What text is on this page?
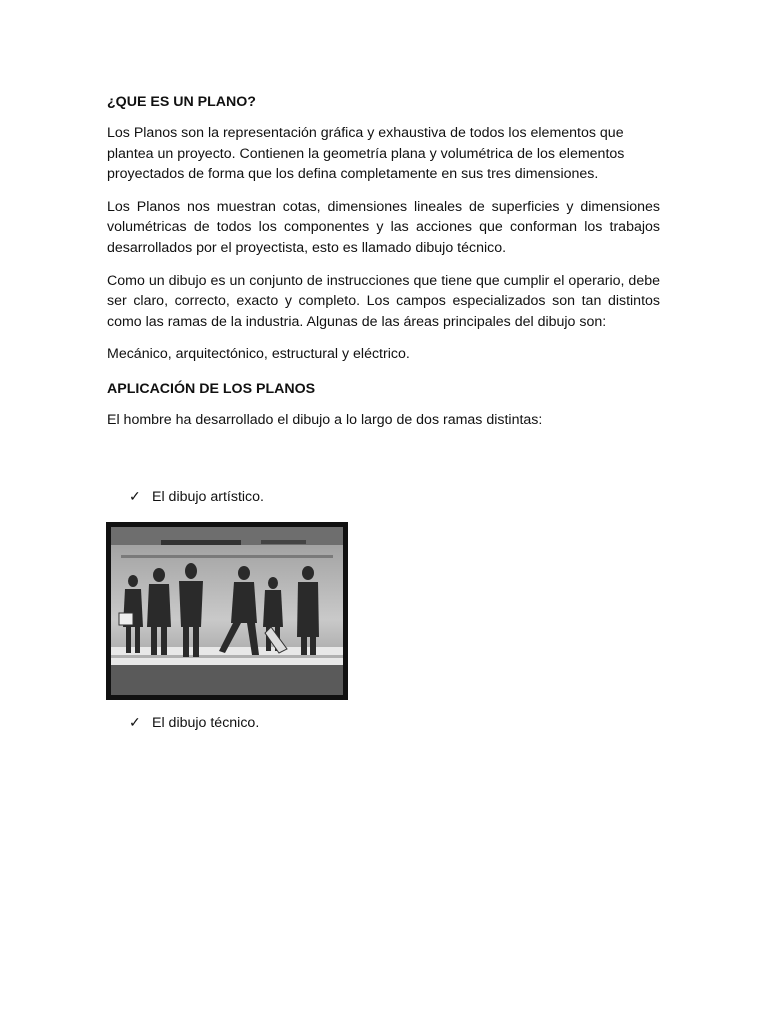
¿QUE ES UN PLANO?

Los Planos son la representación gráfica y exhaustiva de todos los elementos que plantea un proyecto. Contienen la geometría plana y volumétrica de los elementos proyectados de forma que los defina completamente en sus tres dimensiones.

Los Planos nos muestran cotas, dimensiones lineales de superficies y dimensiones volumétricas de todos los componentes y las acciones que conforman los trabajos desarrollados por el proyectista, esto es llamado dibujo técnico.

Como un dibujo es un conjunto de instrucciones que tiene que cumplir el operario, debe ser claro, correcto, exacto y completo. Los campos especializados son tan distintos como las ramas de la industria. Algunas de las áreas principales del dibujo son:

Mecánico, arquitectónico, estructural y eléctrico.

APLICACIÓN DE LOS PLANOS

El hombre ha desarrollado el dibujo a lo largo de dos ramas distintas:

✓ El dibujo artístico.
✓ El dibujo técnico.
